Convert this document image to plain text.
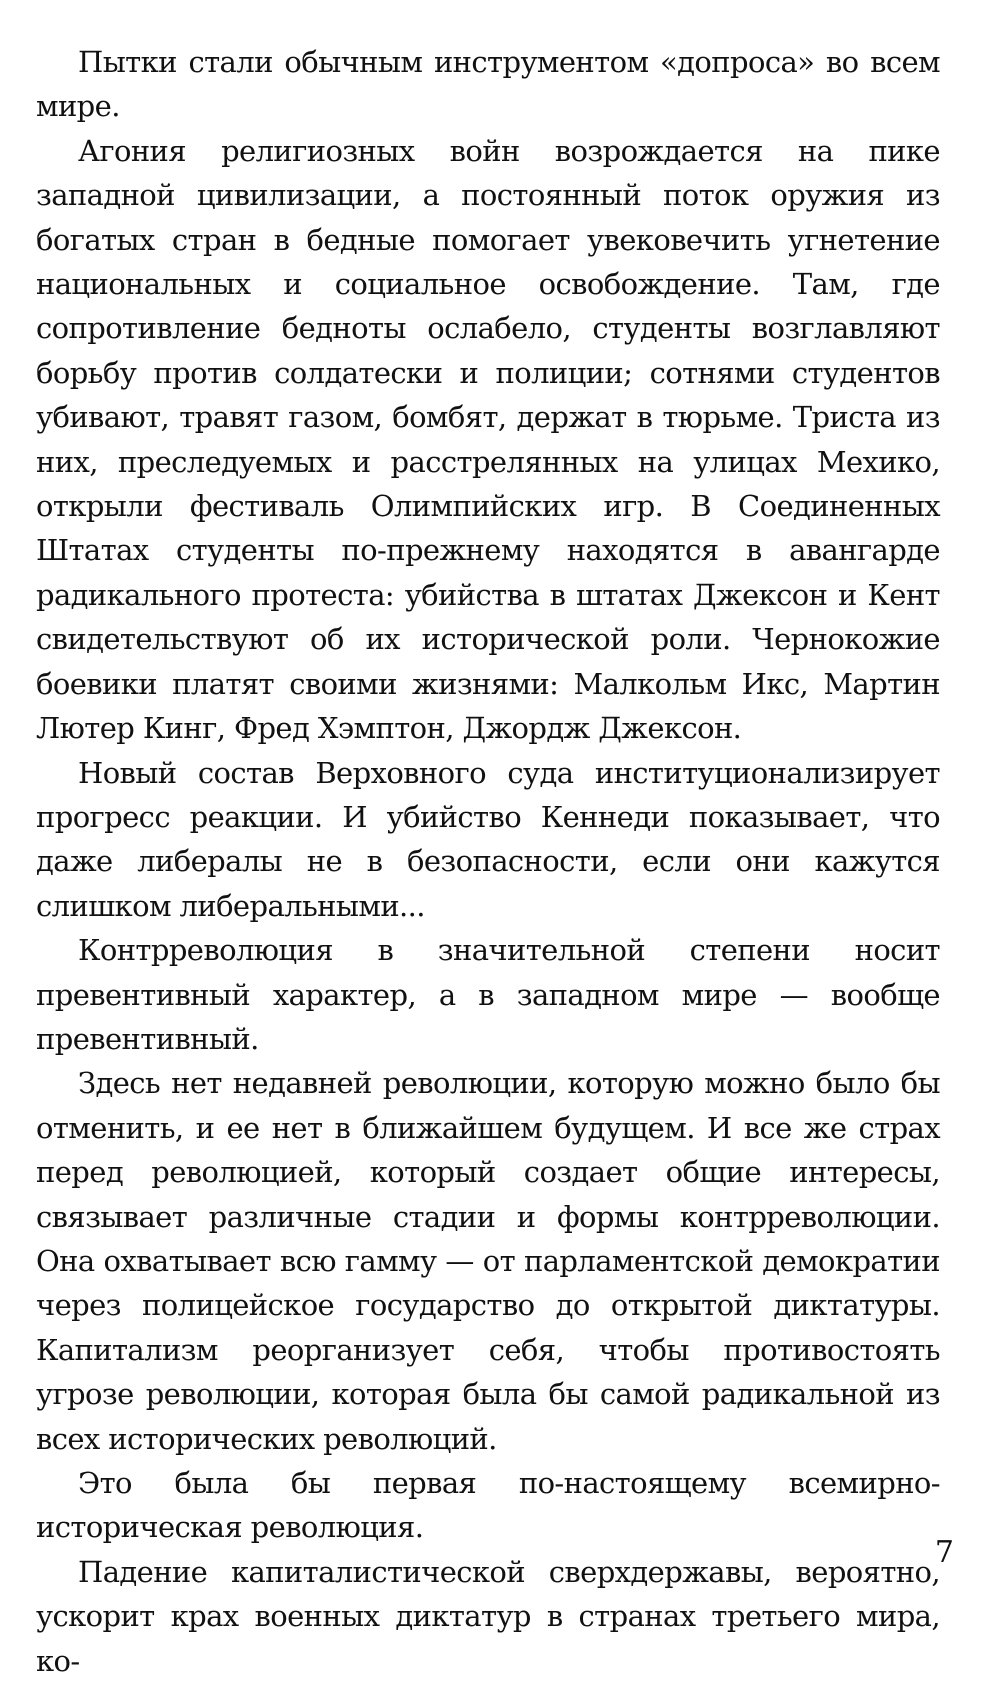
Пытки стали обычным инструментом «допроса» во всем мире.

Агония религиозных войн возрождается на пике западной цивилизации, а постоянный поток оружия из богатых стран в бедные помогает увековечить угнетение национальных и социальное освобождение. Там, где сопротивление бедноты ослабело, студенты возглавляют борьбу против солдатески и полиции; сотнями студентов убивают, травят газом, бомбят, держат в тюрьме. Триста из них, преследуемых и расстрелянных на улицах Мехико, открыли фестиваль Олимпийских игр. В Соединенных Штатах студенты по-прежнему находятся в авангарде радикального протеста: убийства в штатах Джексон и Кент свидетельствуют об их исторической роли. Чернокожие боевики платят своими жизнями: Малкольм Икс, Мартин Лютер Кинг, Фред Хэмптон, Джордж Джексон.

Новый состав Верховного суда институционализирует прогресс реакции. И убийство Кеннеди показывает, что даже либералы не в безопасности, если они кажутся слишком либеральными...

Контрреволюция в значительной степени носит превентивный характер, а в западном мире — вообще превентивный.

Здесь нет недавней революции, которую можно было бы отменить, и ее нет в ближайшем будущем. И все же страх перед революцией, который создает общие интересы, связывает различные стадии и формы контрреволюции. Она охватывает всю гамму — от парламентской демократии через полицейское государство до открытой диктатуры. Капитализм реорганизует себя, чтобы противостоять угрозе революции, которая была бы самой радикальной из всех исторических революций.

Это была бы первая по-настоящему всемирно-историческая революция.

Падение капиталистической сверхдержавы, вероятно, ускорит крах военных диктатур в странах третьего мира, ко-

7
